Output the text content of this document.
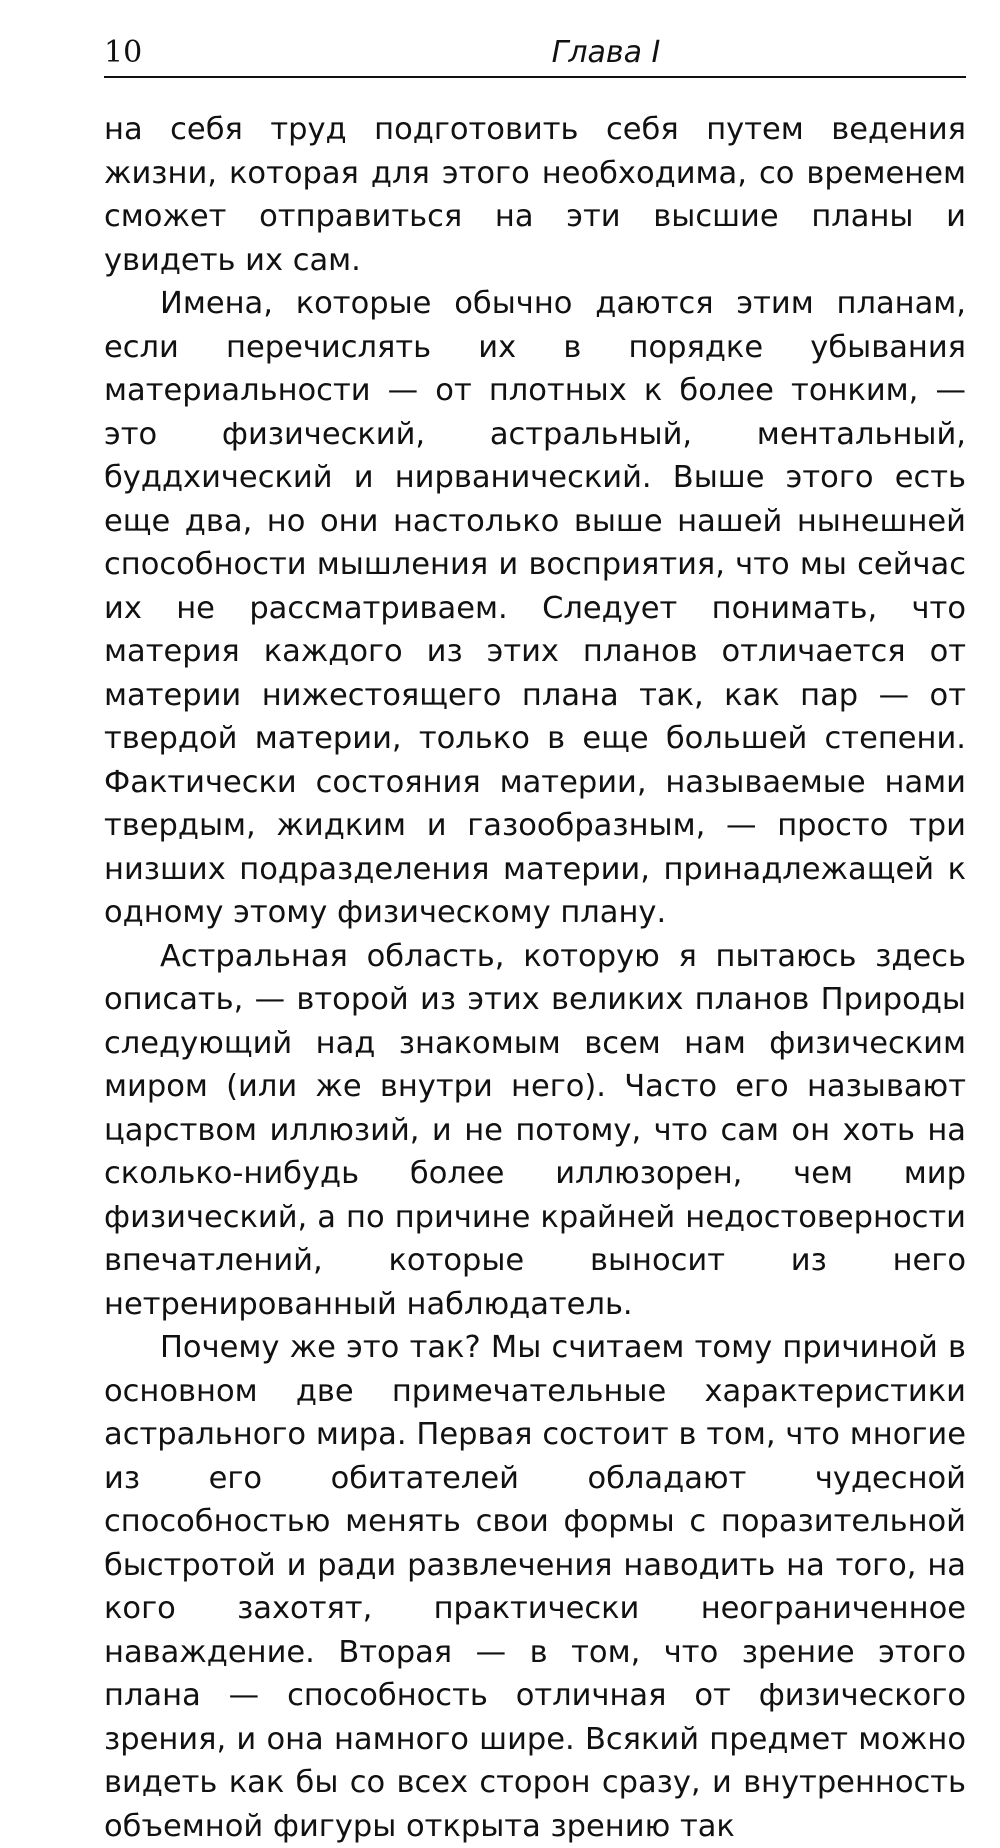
10	Глава I

на себя труд подготовить себя путем ведения жизни, которая для этого необходима, со временем сможет отправиться на эти высшие планы и увидеть их сам.

Имена, которые обычно даются этим планам, если перечислять их в порядке убывания материальности — от плотных к более тонким, — это физический, астральный, ментальный, буддхический и нирванический. Выше этого есть еще два, но они настолько выше нашей нынешней способности мышления и восприятия, что мы сейчас их не рассматриваем. Следует понимать, что материя каждого из этих планов отличается от материи нижестоящего плана так, как пар — от твердой материи, только в еще большей степени. Фактически состояния материи, называемые нами твердым, жидким и газообразным, — просто три низших подразделения материи, принадлежащей к одному этому физическому плану.

Астральная область, которую я пытаюсь здесь описать, — второй из этих великих планов Природы следующий над знакомым всем нам физическим миром (или же внутри него). Часто его называют царством иллюзий, и не потому, что сам он хоть на сколько-нибудь более иллюзорен, чем мир физический, а по причине крайней недостоверности впечатлений, которые выносит из него нетренированный наблюдатель.

Почему же это так? Мы считаем тому причиной в основном две примечательные характеристики астрального мира. Первая состоит в том, что многие из его обитателей обладают чудесной способностью менять свои формы с поразительной быстротой и ради развлечения наводить на того, на кого захотят, практически неограниченное наваждение. Вторая — в том, что зрение этого плана — способность отличная от физического зрения, и она намного шире. Всякий предмет можно видеть как бы со всех сторон сразу, и внутренность объемной фигуры открыта зрению так
